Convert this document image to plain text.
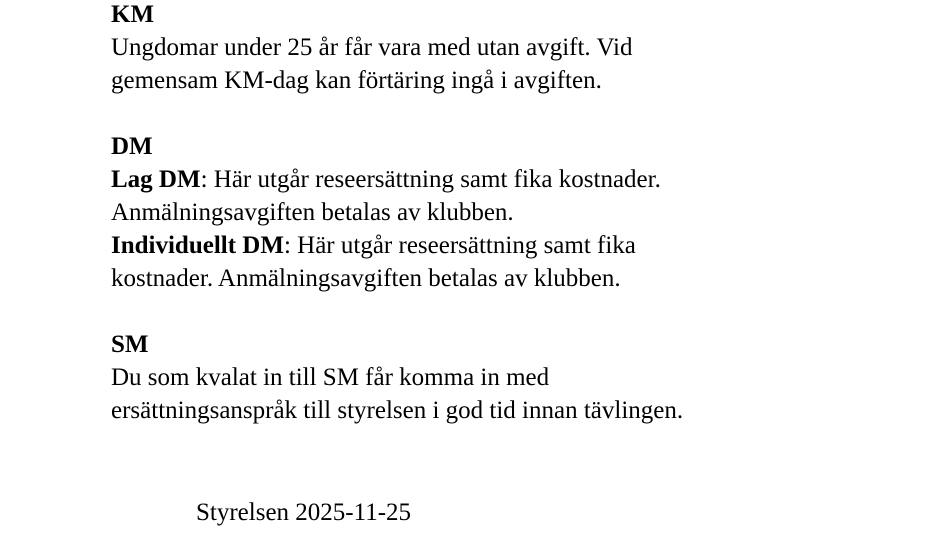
KM
Ungdomar under 25 år får vara med utan avgift. Vid
gemensam KM-dag kan förtäring ingå i avgiften.
DM
Lag DM: Här utgår reseersättning samt fika kostnader.
Anmälningsavgiften betalas av klubben.
Individuellt DM: Här utgår reseersättning samt fika
kostnader. Anmälningsavgiften betalas av klubben.
SM
Du som kvalat in till SM får komma in med
ersättningsanspråk till styrelsen i god tid innan tävlingen.
Styrelsen 2025-11-25
